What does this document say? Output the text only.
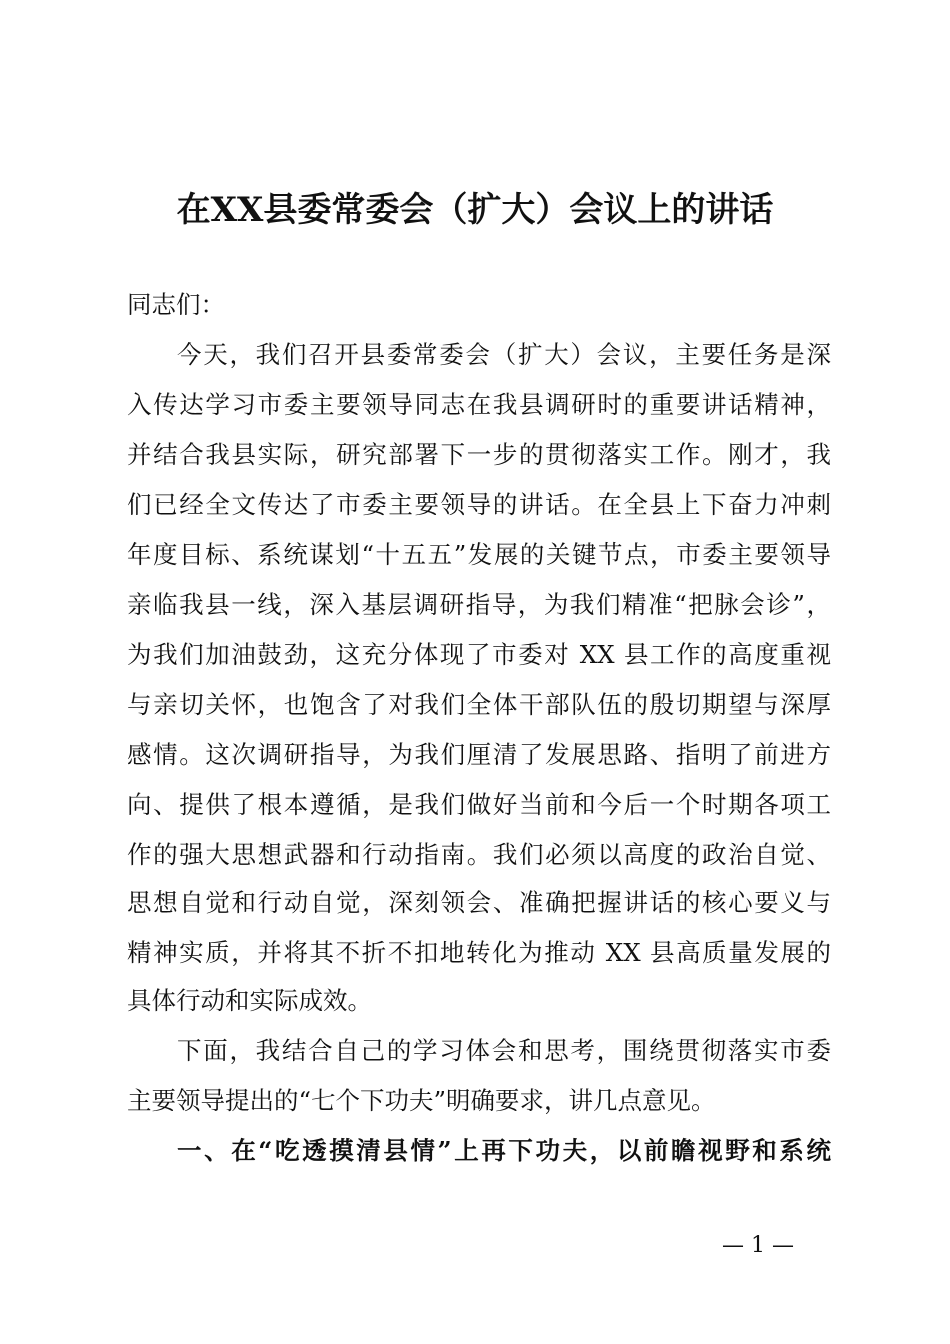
在XX县委常委会（扩大）会议上的讲话
同志们：
今天，我们召开县委常委会（扩大）会议，主要任务是深
入传达学习市委主要领导同志在我县调研时的重要讲话精神，
并结合我县实际，研究部署下一步的贯彻落实工作。刚才，我
们已经全文传达了市委主要领导的讲话。在全县上下奋力冲刺
年度目标、系统谋划“十五五”发展的关键节点，市委主要领导
亲临我县一线，深入基层调研指导，为我们精准“把脉会诊”，
为我们加油鼓劲，这充分体现了市委对 XX 县工作的高度重视
与亲切关怀，也饱含了对我们全体干部队伍的殷切期望与深厚
感情。这次调研指导，为我们厘清了发展思路、指明了前进方
向、提供了根本遵循，是我们做好当前和今后一个时期各项工
作的强大思想武器和行动指南。我们必须以高度的政治自觉、
思想自觉和行动自觉，深刻领会、准确把握讲话的核心要义与
精神实质，并将其不折不扣地转化为推动 XX 县高质量发展的
具体行动和实际成效。
下面，我结合自己的学习体会和思考，围绕贯彻落实市委
主要领导提出的“七个下功夫”明确要求，讲几点意见。
一、在“吃透摸清县情”上再下功夫，以前瞻视野和系统
— 1 —
